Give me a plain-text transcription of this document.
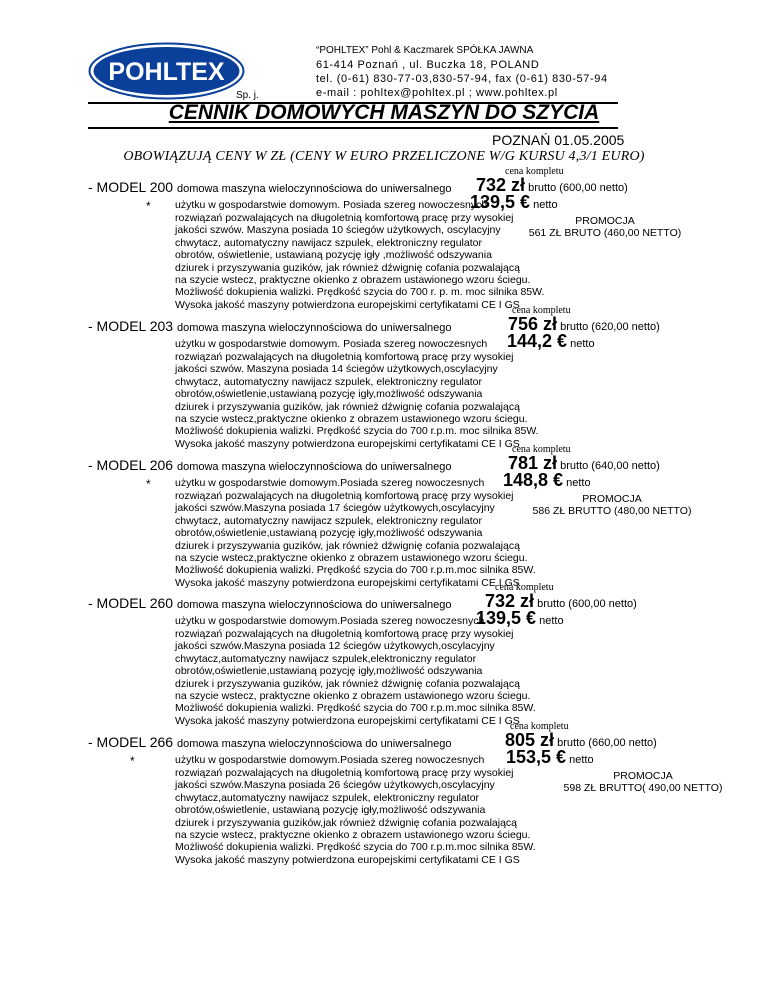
POHLTEX
Sp. j.
“POHLTEX” Pohl & Kaczmarek SPÓŁKA JAWNA
61-414 Poznań , ul. Buczka 18, POLAND
tel. (0-61) 830-77-03,830-57-94, fax (0-61) 830-57-94
e-mail : pohltex@pohltex.pl ; www.pohltex.pl
CENNIK DOMOWYCH MASZYN DO SZYCIA
POZNAŃ 01.05.2005
OBOWIĄZUJĄ CENY W ZŁ (CENY W EURO PRZELICZONE W/G KURSU 4,3/1 EURO)
cena kompletu
- MODEL 200 domowa maszyna wieloczynnościowa do uniwersalnego 732 zł brutto (600,00 netto)
* użytku w gospodarstwie domowym. Posiada szereg nowoczesnych
rozwiązań pozwalających na długoletnią komfortową pracę przy wysokiej
jakości szwów. Maszyna posiada 10 ściegów użytkowych, oscylacyjny
chwytacz, automatyczny nawijacz szpulek, elektroniczny regulator
obrotów, oświetlenie, ustawianą pozycję igły ,możliwość odszywania
dziurek i przyszywania guzików, jak również dźwignię cofania pozwalającą
na szycie wstecz, praktyczne okienko z obrazem ustawionego wzoru ściegu.
Możliwość dokupienia walizki. Prędkość szycia do 700 r. p. m. moc silnika 85W.
Wysoka jakość maszyny potwierdzona europejskimi certyfikatami CE I GS
139,5 € netto
PROMOCJA
561 ZŁ BRUTO (460,00 NETTO)
cena kompletu
- MODEL 203 domowa maszyna wieloczynnościowa do uniwersalnego	756 zł brutto (620,00 netto)
użytku w gospodarstwie domowym. Posiada szereg nowoczesnych
rozwiązań pozwalających na długoletnią komfortową pracę przy wysokiej
jakości szwów. Maszyna posiada 14 ściegów użytkowych,oscylacyjny
chwytacz, automatyczny nawijacz szpulek, elektroniczny regulator
obrotów,oświetlenie,ustawianą pozycję igły,możliwość odszywania
dziurek i przyszywania guzików, jak również dźwignię cofania pozwalającą
na szycie wstecz,praktyczne okienko z obrazem ustawionego wzoru ściegu.
Możliwość dokupienia walizki. Prędkość szycia do 700 r.p.m. moc silnika 85W.
Wysoka jakość maszyny potwierdzona europejskimi certyfikatami CE I GS
144,2 € netto
cena kompletu
- MODEL 206 domowa maszyna wieloczynnościowa do uniwersalnego	781 zł brutto (640,00 netto)
* użytku w gospodarstwie domowym.Posiada szereg nowoczesnych
rozwiązań pozwalających na długoletnią komfortową pracę przy wysokiej
jakości szwów.Maszyna posiada 17 ściegów użytkowych,oscylacyjny
chwytacz, automatyczny nawijacz szpulek, elektroniczny regulator
obrotów,oświetlenie,ustawianą pozycję igły,możliwość odszywania
dziurek i przyszywania guzików, jak również dźwignię cofania pozwalającą
na szycie wstecz,praktyczne okienko z obrazem ustawionego wzoru ściegu.
Możliwość dokupienia walizki. Prędkość szycia do 700 r.p.m.moc silnika 85W.
Wysoka jakość maszyny potwierdzona europejskimi certyfikatami CE I GS
148,8 € netto
PROMOCJA
586 ZŁ BRUTTO (480,00 NETTO)
cena kompletu
- MODEL 260 domowa maszyna wieloczynnościowa do uniwersalnego 732 zł brutto (600,00 netto)
użytku w gospodarstwie domowym.Posiada szereg nowoczesnych
rozwiązań pozwalających na długoletnią komfortową pracę przy wysokiej
jakości szwów.Maszyna posiada 12 ściegów użytkowych,oscylacyjny
chwytacz,automatyczny nawijacz szpulek,elektroniczny regulator
obrotów,oświetlenie,ustawianą pozycję igły,możliwość odszywania
dziurek i przyszywania guzików, jak również dźwignię cofania pozwalającą
na szycie wstecz, praktyczne okienko z obrazem ustawionego wzoru ściegu.
Możliwość dokupienia walizki. Prędkość szycia do 700 r.p.m.moc silnika 85W.
Wysoka jakość maszyny potwierdzona europejskimi certyfikatami CE I GS
139,5 € netto
cena kompletu
- MODEL 266 domowa maszyna wieloczynnościowa do uniwersalnego	805 zł brutto (660,00 netto)
*	użytku w gospodarstwie domowym.Posiada szereg nowoczesnych
rozwiązań pozwalających na długoletnią komfortową pracę przy wysokiej
jakości szwów.Maszyna posiada 26 ściegów użytkowych,oscylacyjny
chwytacz,automatyczny nawijacz szpulek, elektroniczny regulator
obrotów,oświetlenie, ustawianą pozycję igły,możliwość odszywania
dziurek i przyszywania guzików,jak również dźwignię cofania pozwalającą
na szycie wstecz, praktyczne okienko z obrazem ustawionego wzoru ściegu.
Możliwość dokupienia walizki. Prędkość szycia do 700 r.p.m.moc silnika 85W.
Wysoka jakość maszyny potwierdzona europejskimi certyfikatami CE I GS
153,5 € netto
PROMOCJA
598 ZŁ BRUTTO( 490,00 NETTO)
